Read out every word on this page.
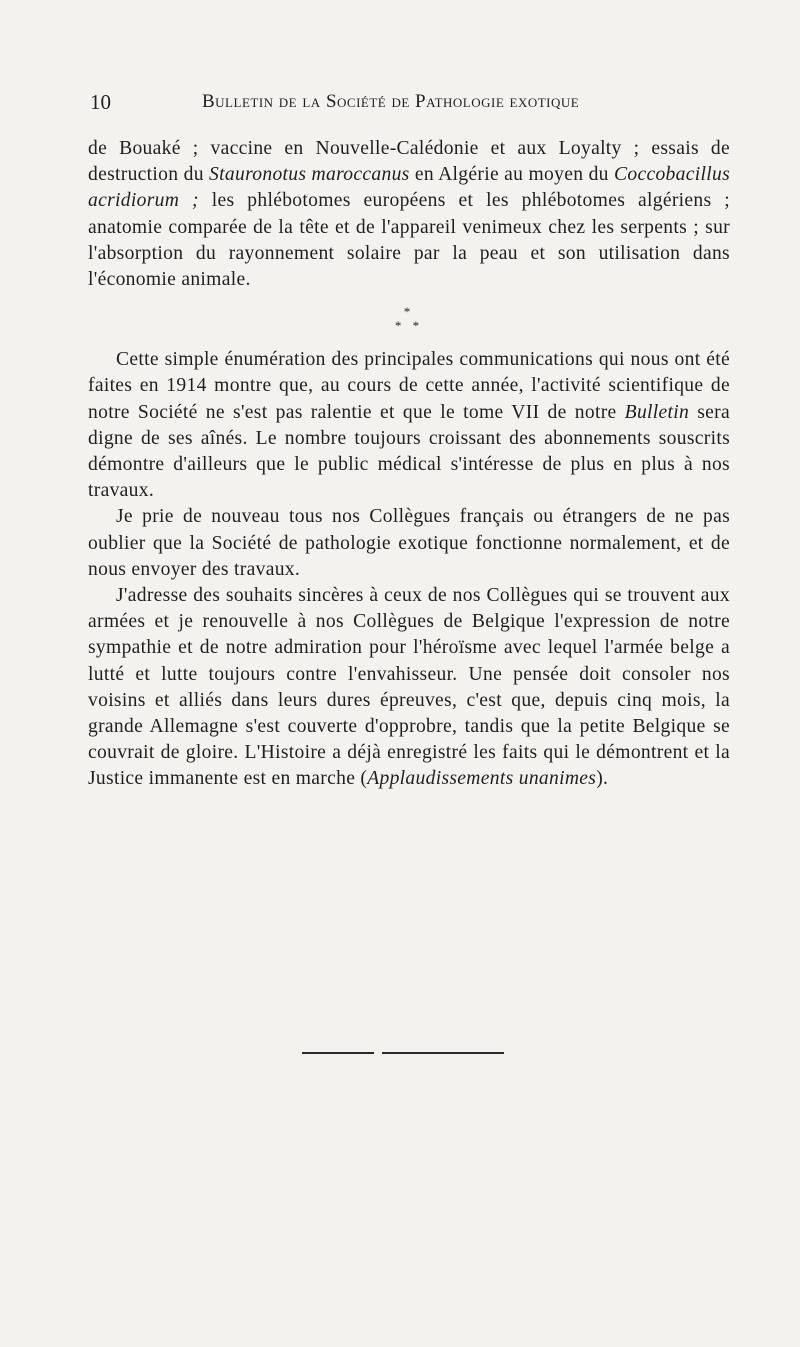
10	Bulletin de la Société de Pathologie exotique

de Bouaké ; vaccine en Nouvelle-Calédonie et aux Loyalty ; essais de destruction du Stauronotus maroccanus en Algérie au moyen du Coccobacillus acridiorum ; les phlébotomes européens et les phlébotomes algériens ; anatomie comparée de la tête et de l'appareil venimeux chez les serpents ; sur l'absorption du rayonnement solaire par la peau et son utilisation dans l'économie animale.

*
* *

Cette simple énumération des principales communications qui nous ont été faites en 1914 montre que, au cours de cette année, l'activité scientifique de notre Société ne s'est pas ralentie et que le tome VII de notre Bulletin sera digne de ses aînés. Le nombre toujours croissant des abonnements souscrits démontre d'ailleurs que le public médical s'intéresse de plus en plus à nos travaux.

Je prie de nouveau tous nos Collègues français ou étrangers de ne pas oublier que la Société de pathologie exotique fonctionne normalement, et de nous envoyer des travaux.

J'adresse des souhaits sincères à ceux de nos Collègues qui se trouvent aux armées et je renouvelle à nos Collègues de Belgique l'expression de notre sympathie et de notre admiration pour l'héroïsme avec lequel l'armée belge a lutté et lutte toujours contre l'envahisseur. Une pensée doit consoler nos voisins et alliés dans leurs dures épreuves, c'est que, depuis cinq mois, la grande Allemagne s'est couverte d'opprobre, tandis que la petite Belgique se couvrait de gloire. L'Histoire a déjà enregistré les faits qui le démontrent et la Justice immanente est en marche (Applaudissements unanimes).
